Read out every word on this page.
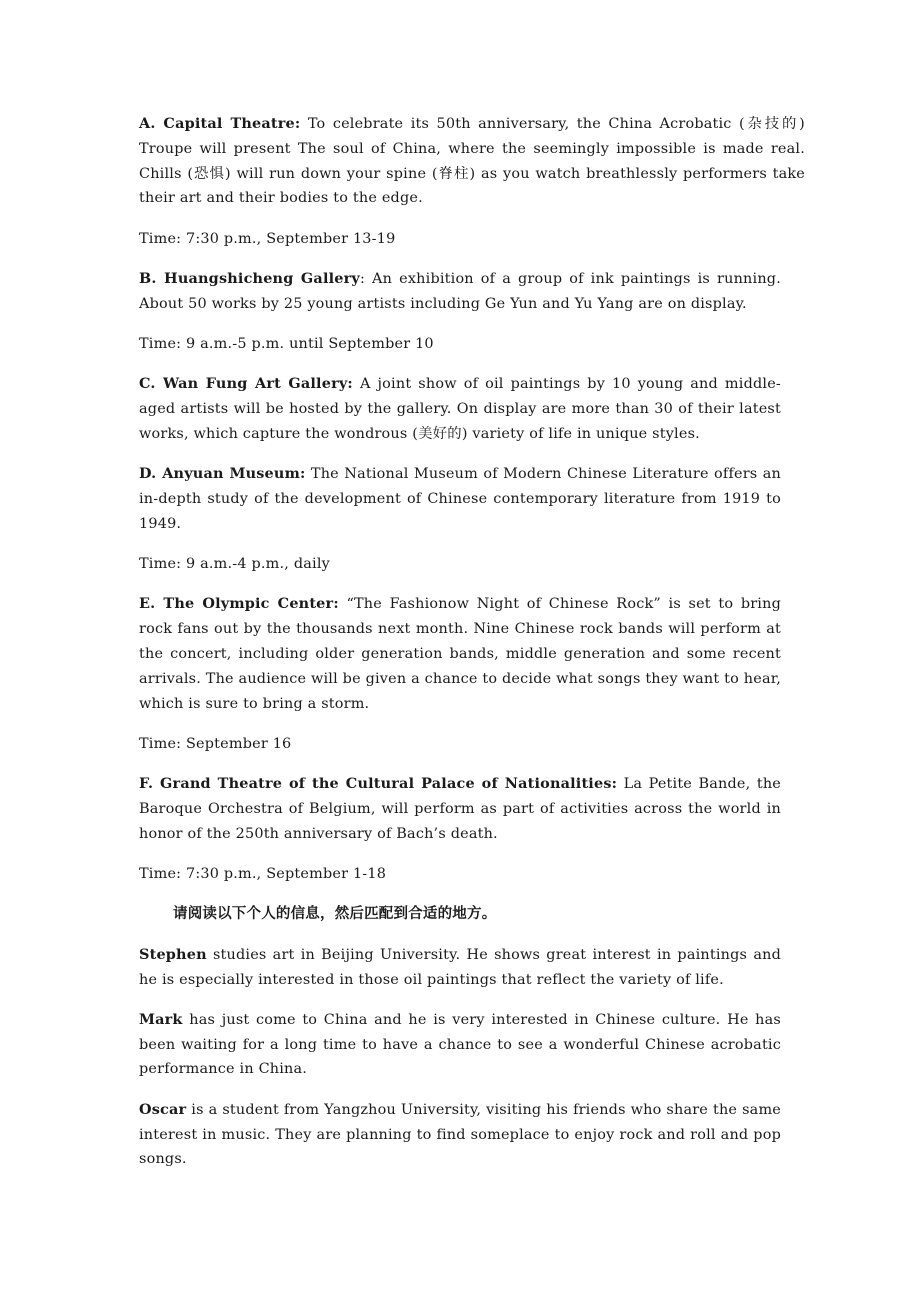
A. Capital Theatre: To celebrate its 50th anniversary, the China Acrobatic (杂技的) Troupe will present The soul of China, where the seemingly impossible is made real. Chills (恐惧) will run down your spine (脊柱) as you watch breathlessly performers take their art and their bodies to the edge.

Time: 7:30 p.m., September 13-19

B. Huangshicheng Gallery: An exhibition of a group of ink paintings is running. About 50 works by 25 young artists including Ge Yun and Yu Yang are on display.

Time: 9 a.m.-5 p.m. until September 10

C. Wan Fung Art Gallery: A joint show of oil paintings by 10 young and middle-aged artists will be hosted by the gallery. On display are more than 30 of their latest works, which capture the wondrous (美好的) variety of life in unique styles.

D. Anyuan Museum: The National Museum of Modern Chinese Literature offers an in-depth study of the development of Chinese contemporary literature from 1919 to 1949.

Time: 9 a.m.-4 p.m., daily

E. The Olympic Center: “The Fashionow Night of Chinese Rock” is set to bring rock fans out by the thousands next month. Nine Chinese rock bands will perform at the concert, including older generation bands, middle generation and some recent arrivals. The audience will be given a chance to decide what songs they want to hear, which is sure to bring a storm.

Time: September 16

F. Grand Theatre of the Cultural Palace of Nationalities: La Petite Bande, the Baroque Orchestra of Belgium, will perform as part of activities across the world in honor of the 250th anniversary of Bach’s death.

Time: 7:30 p.m., September 1-18

请阅读以下个人的信息，然后匹配到合适的地方。

Stephen studies art in Beijing University. He shows great interest in paintings and he is especially interested in those oil paintings that reflect the variety of life.

Mark has just come to China and he is very interested in Chinese culture. He has been waiting for a long time to have a chance to see a wonderful Chinese acrobatic performance in China.

Oscar is a student from Yangzhou University, visiting his friends who share the same interest in music. They are planning to find someplace to enjoy rock and roll and pop songs.
